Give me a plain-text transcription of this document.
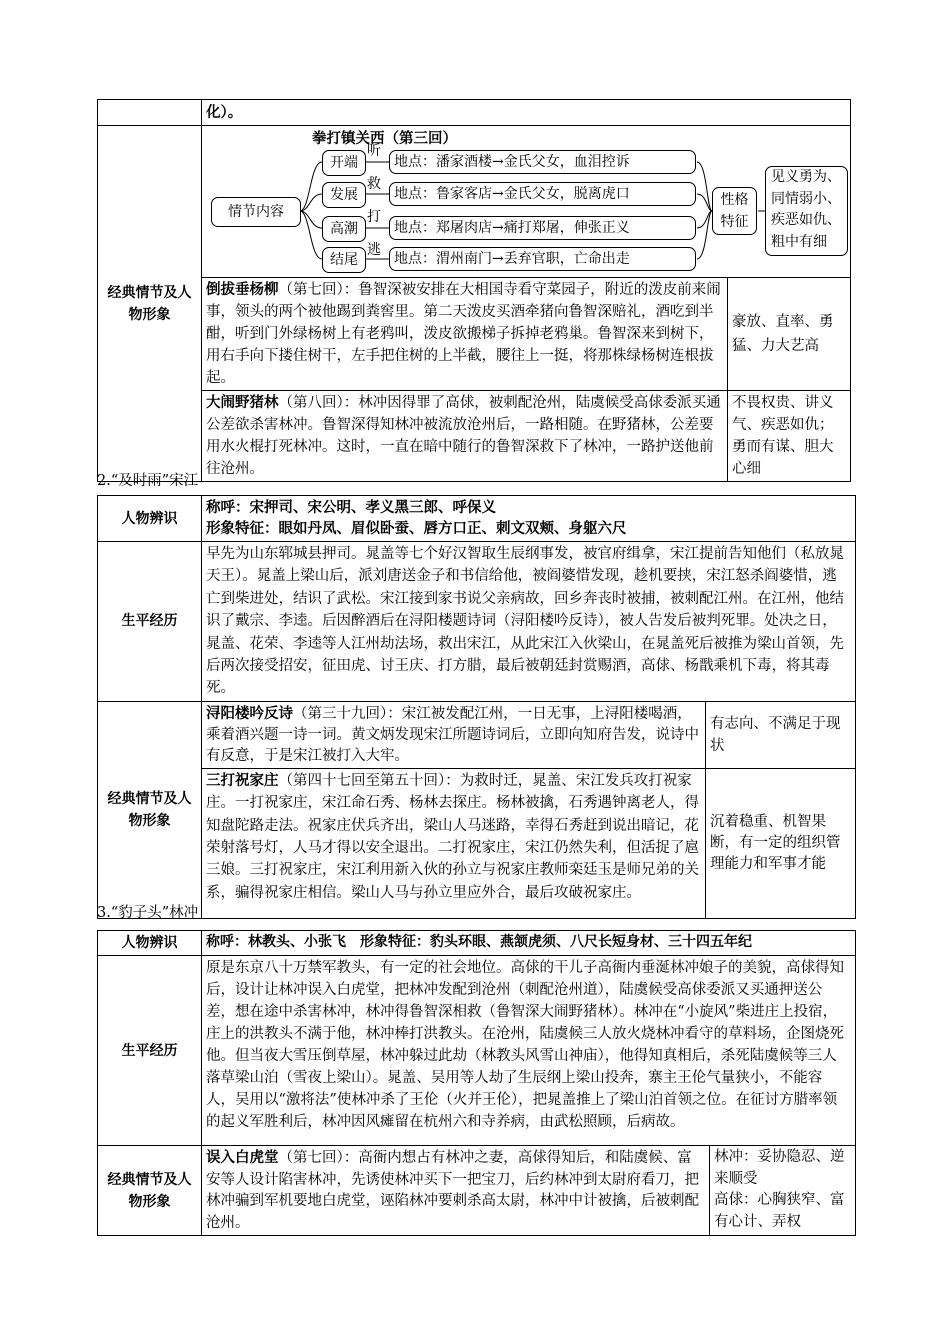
	化）。	
经典情节及人物形象	拳打镇关西（第三回）	

	倒拔垂杨柳（第七回）：鲁智深被安排在大相国寺看守菜园子，附近的泼皮前来闹事，领头的两个被他踢到粪窖里。第二天泼皮买酒牵猪向鲁智深赔礼，酒吃到半酣，听到门外绿杨树上有老鸦叫，泼皮欲搬梯子拆掉老鸦巢。鲁智深来到树下，用右手向下搂住树干，左手把住树的上半截，腰往上一挺，将那株绿杨树连根拔起。	豪放、直率、勇猛、力大艺高
	大闹野猪林（第八回）：林冲因得罪了高俅，被刺配沧州，陆虞候受高俅委派买通公差欲杀害林冲。鲁智深得知林冲被流放沧州后，一路相随。在野猪林，公差要用水火棍打死林冲。这时，一直在暗中随行的鲁智深救下了林冲，一路护送他前往沧州。	不畏权贵、讲义气、疾恶如仇；勇而有谋、胆大心细
情节内容
开端
发展
高潮
结尾
听
救
打
逃
地点：潘家酒楼→金氏父女，血泪控诉
地点：鲁家客店→金氏父女，脱离虎口
地点：郑屠肉店→痛打郑屠，伸张正义
地点：渭州南门→丢弃官职，亡命出走
性格特征
见义勇为、同情弱小、疾恶如仇、粗中有细
2.“及时雨”宋江
人物辨识	称呼：宋押司、宋公明、孝义黑三郎、呼保义
形象特征：眼如丹凤、眉似卧蚕、唇方口正、刺文双颊、身躯六尺	

生平经历	早先为山东郓城县押司。晁盖等七个好汉智取生辰纲事发，被官府缉拿，宋江提前告知他们（私放晁天王）。晁盖上梁山后，派刘唐送金子和书信给他，被阎婆惜发现，趁机要挟，宋江怒杀阎婆惜，逃亡到柴进处，结识了武松。宋江接到家书说父亲病故，回乡奔丧时被捕，被刺配江州。在江州，他结识了戴宗、李逵。后因醉酒后在浔阳楼题诗词（浔阳楼吟反诗），被人告发后被判死罪。处决之日，晁盖、花荣、李逵等人江州劫法场，救出宋江，从此宋江入伙梁山，在晁盖死后被推为梁山首领，先后两次接受招安，征田虎、讨王庆、打方腊，最后被朝廷封赏赐酒，高俅、杨戬乘机下毒，将其毒死。	
经典情节及人物形象	浔阳楼吟反诗（第三十九回）：宋江被发配江州，一日无事，上浔阳楼喝酒，乘着酒兴题一诗一词。黄文炳发现宋江所题诗词后，立即向知府告发，说诗中有反意，于是宋江被打入大牢。	有志向、不满足于现状
	三打祝家庄（第四十七回至第五十回）：为救时迁，晁盖、宋江发兵攻打祝家庄。一打祝家庄，宋江命石秀、杨林去探庄。杨林被擒，石秀遇钟离老人，得知盘陀路走法。祝家庄伏兵齐出，梁山人马迷路，幸得石秀赶到说出暗记，花荣射落号灯，人马才得以安全退出。二打祝家庄，宋江仍然失利，但活捉了扈三娘。三打祝家庄，宋江利用新入伙的孙立与祝家庄教师栾廷玉是师兄弟的关系，骗得祝家庄相信。梁山人马与孙立里应外合，最后攻破祝家庄。	沉着稳重、机智果断，有一定的组织管理能力和军事才能
3.“豹子头”林冲
人物辨识	称呼：林教头、小张飞　形象特征：豹头环眼、燕颔虎须、八尺长短身材、三十四五年纪	
生平经历	原是东京八十万禁军教头，有一定的社会地位。高俅的干儿子高衙内垂涎林冲娘子的美貌，高俅得知后，设计让林冲误入白虎堂，把林冲发配到沧州（刺配沧州道），陆虞候受高俅委派又买通押送公差，想在途中杀害林冲，林冲得鲁智深相救（鲁智深大闹野猪林）。林冲在“小旋风”柴进庄上投宿，庄上的洪教头不满于他，林冲棒打洪教头。在沧州，陆虞候三人放火烧林冲看守的草料场，企图烧死他。但当夜大雪压倒草屋，林冲躲过此劫（林教头风雪山神庙），他得知真相后，杀死陆虞候等三人落草梁山泊（雪夜上梁山）。晁盖、吴用等人劫了生辰纲上梁山投奔，寨主王伦气量狭小，不能容人，吴用以“激将法”使林冲杀了王伦（火并王伦），把晁盖推上了梁山泊首领之位。在征讨方腊率领的起义军胜利后，林冲因风瘫留在杭州六和寺养病，由武松照顾，后病故。	
经典情节及人物形象	误入白虎堂（第七回）：高衙内想占有林冲之妻，高俅得知后，和陆虞候、富安等人设计陷害林冲，先诱使林冲买下一把宝刀，后约林冲到太尉府看刀，把林冲骗到军机要地白虎堂，诬陷林冲要刺杀高太尉，林冲中计被擒，后被刺配沧州。	林冲：妥协隐忍、逆来顺受
高俅：心胸狭窄、富有心计、弄权
